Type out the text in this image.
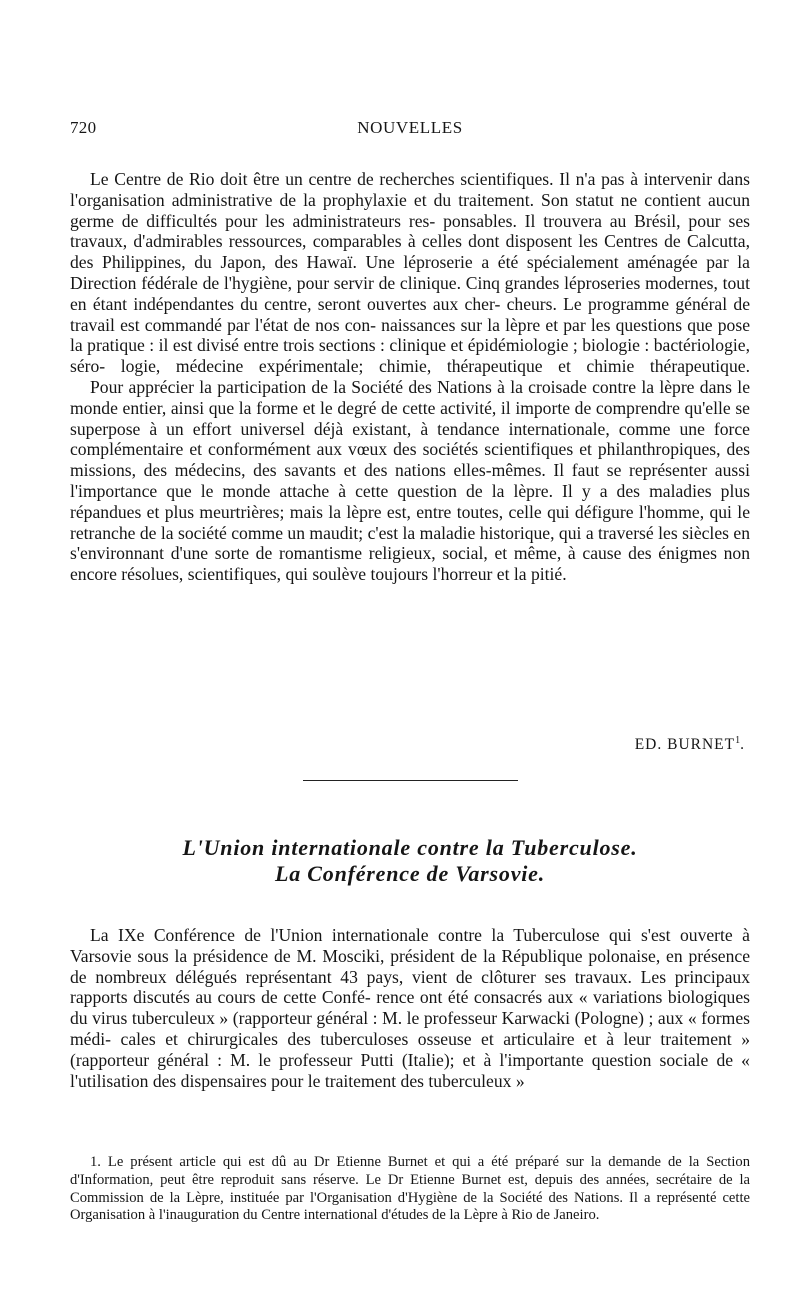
720	NOUVELLES

Le Centre de Rio doit être un centre de recherches scientifiques. Il n'a pas à intervenir dans l'organisation administrative de la prophylaxie et du traitement. Son statut ne contient aucun germe de difficultés pour les administrateurs res- ponsables. Il trouvera au Brésil, pour ses travaux, d'admirables ressources, comparables à celles dont disposent les Centres de Calcutta, des Philippines, du Japon, des Hawaï. Une léproserie a été spécialement aménagée par la Direction fédérale de l'hygiène, pour servir de clinique. Cinq grandes léproseries modernes, tout en étant indépendantes du centre, seront ouvertes aux cher- cheurs. Le programme général de travail est commandé par l'état de nos con- naissances sur la lèpre et par les questions que pose la pratique : il est divisé entre trois sections : clinique et épidémiologie ; biologie : bactériologie, séro- logie, médecine expérimentale; chimie, thérapeutique et chimie thérapeutique.

Pour apprécier la participation de la Société des Nations à la croisade contre la lèpre dans le monde entier, ainsi que la forme et le degré de cette activité, il importe de comprendre qu'elle se superpose à un effort universel déjà existant, à tendance internationale, comme une force complémentaire et conformément aux vœux des sociétés scientifiques et philanthropiques, des missions, des médecins, des savants et des nations elles-mêmes. Il faut se représenter aussi l'importance que le monde attache à cette question de la lèpre. Il y a des maladies plus répandues et plus meurtrières; mais la lèpre est, entre toutes, celle qui défigure l'homme, qui le retranche de la société comme un maudit; c'est la maladie historique, qui a traversé les siècles en s'environnant d'une sorte de romantisme religieux, social, et même, à cause des énigmes non encore résolues, scientifiques, qui soulève toujours l'horreur et la pitié.

ED. BURNET$^1$.
L'Union internationale contre la Tuberculose.
La Conférence de Varsovie.

La IXe Conférence de l'Union internationale contre la Tuberculose qui s'est ouverte à Varsovie sous la présidence de M. Mosciki, président de la République polonaise, en présence de nombreux délégués représentant 43 pays, vient de clôturer ses travaux. Les principaux rapports discutés au cours de cette Confé- rence ont été consacrés aux « variations biologiques du virus tuberculeux » (rapporteur général : M. le professeur Karwacki (Pologne) ; aux « formes médi- cales et chirurgicales des tuberculoses osseuse et articulaire et à leur traitement » (rapporteur général : M. le professeur Putti (Italie); et à l'importante question sociale de « l'utilisation des dispensaires pour le traitement des tuberculeux »

1. Le présent article qui est dû au Dr Etienne Burnet et qui a été préparé sur la demande de la Section d'Information, peut être reproduit sans réserve. Le Dr Etienne Burnet est, depuis des années, secrétaire de la Commission de la Lèpre, instituée par l'Organisation d'Hygiène de la Société des Nations. Il a représenté cette Organisation à l'inauguration du Centre international d'études de la Lèpre à Rio de Janeiro.
